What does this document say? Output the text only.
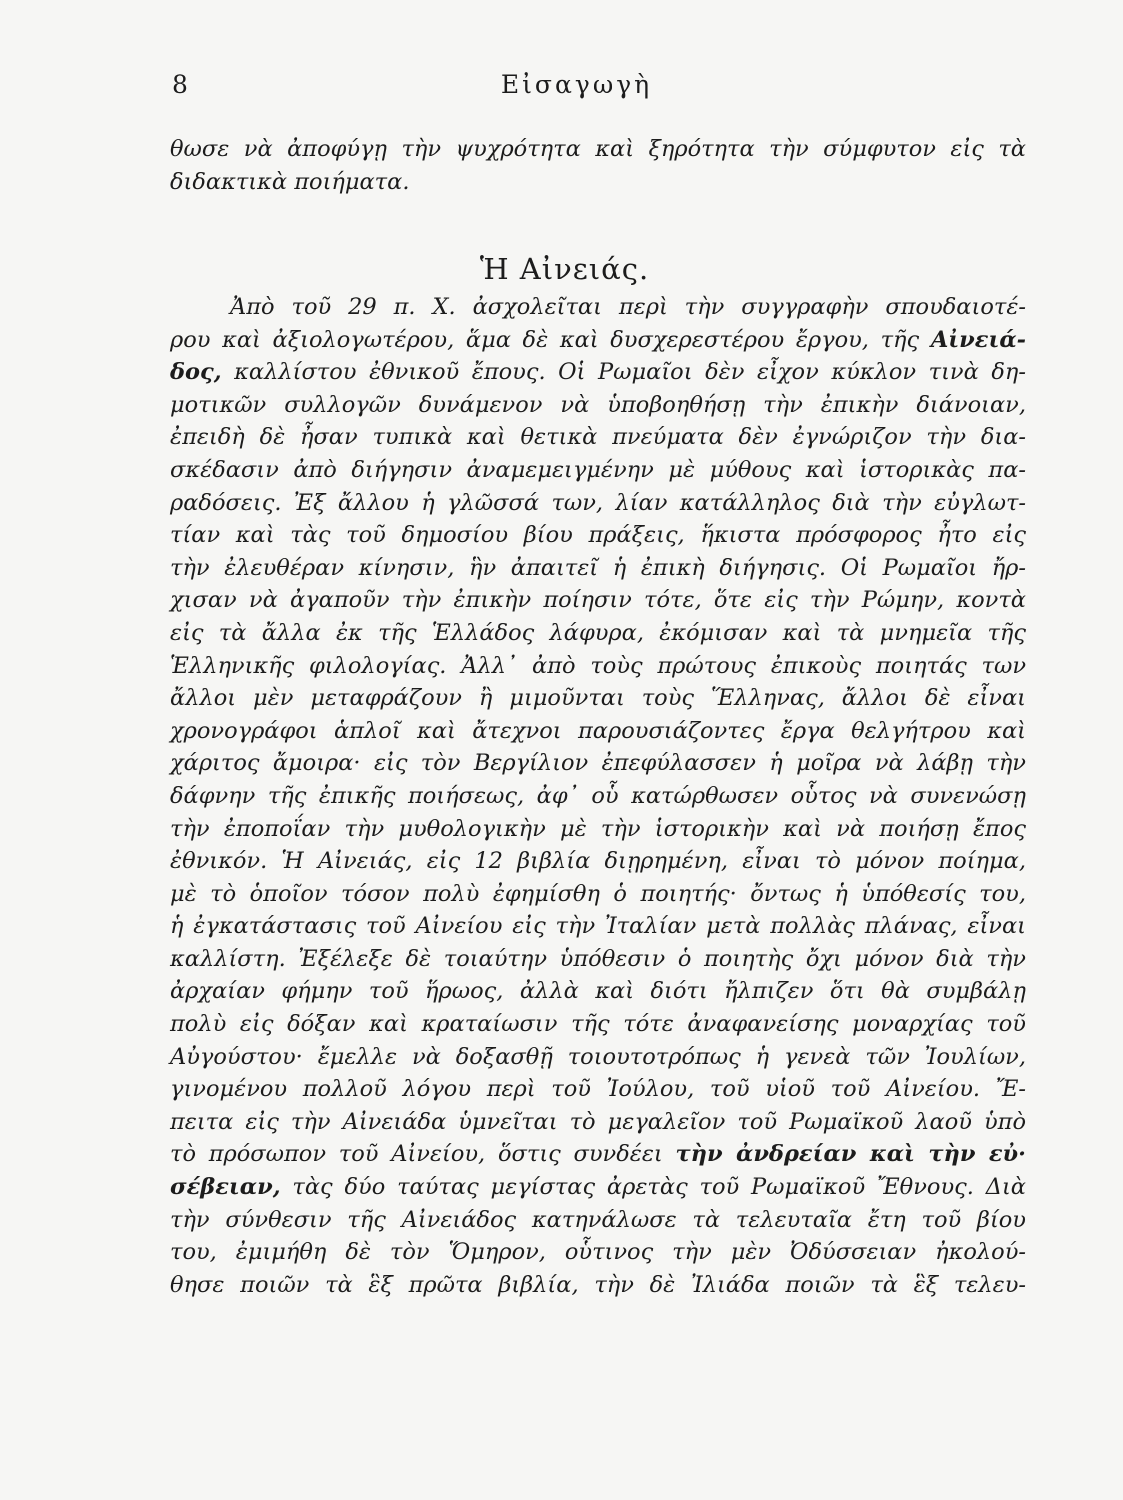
8	Εἰσαγωγὴ
θωσε νὰ ἀποφύγῃ τὴν ψυχρότητα καὶ ξηρότητα τὴν σύμφυτον εἰς τὰ
διδακτικὰ ποιήματα.
Ἡ Αἰνειάς.
Ἀπὸ τοῦ 29 π. Χ. ἀσχολεῖται περὶ τὴν συγγραφὴν σπουδαιοτέ-
ρου καὶ ἀξιολογωτέρου, ἅμα δὲ καὶ δυσχερεστέρου ἔργου, τῆς Αἰνειά-
δος, καλλίστου ἐθνικοῦ ἔπους. Οἱ Ρωμαῖοι δὲν εἶχον κύκλον τινὰ δη-
μοτικῶν συλλογῶν δυνάμενον νὰ ὑποβοηθήσῃ τὴν ἐπικὴν διάνοιαν,
ἐπειδὴ δὲ ἦσαν τυπικὰ καὶ θετικὰ πνεύματα δὲν ἐγνώριζον τὴν δια-
σκέδασιν ἀπὸ διήγησιν ἀναμεμειγμένην μὲ μύθους καὶ ἱστορικὰς πα-
ραδόσεις. Ἐξ ἄλλου ἡ γλῶσσά των, λίαν κατάλληλος διὰ τὴν εὐγλωτ-
τίαν καὶ τὰς τοῦ δημοσίου βίου πράξεις, ἥκιστα πρόσφορος ἦτο εἰς
τὴν ἐλευθέραν κίνησιν, ἣν ἀπαιτεῖ ἡ ἐπικὴ διήγησις. Οἱ Ρωμαῖοι ἤρ-
χισαν νὰ ἀγαποῦν τὴν ἐπικὴν ποίησιν τότε, ὅτε εἰς τὴν Ρώμην, κοντὰ
εἰς τὰ ἄλλα ἐκ τῆς Ἑλλάδος λάφυρα, ἐκόμισαν καὶ τὰ μνημεῖα τῆς
Ἑλληνικῆς φιλολογίας. Ἀλλ᾽ ἀπὸ τοὺς πρώτους ἐπικοὺς ποιητάς των
ἄλλοι μὲν μεταφράζουν ἢ μιμοῦνται τοὺς Ἕλληνας, ἄλλοι δὲ εἶναι
χρονογράφοι ἁπλοῖ καὶ ἄτεχνοι παρουσιάζοντες ἔργα θελγήτρου καὶ
χάριτος ἄμοιρα· εἰς τὸν Βεργίλιον ἐπεφύλασσεν ἡ μοῖρα νὰ λάβῃ τὴν
δάφνην τῆς ἐπικῆς ποιήσεως, ἀφ᾽ οὗ κατώρθωσεν οὗτος νὰ συνενώσῃ
τὴν ἐποποΐαν τὴν μυθολογικὴν μὲ τὴν ἱστορικὴν καὶ νὰ ποιήσῃ ἔπος
ἐθνικόν. Ἡ Αἰνειάς, εἰς 12 βιβλία διῃρημένη, εἶναι τὸ μόνον ποίημα,
μὲ τὸ ὁποῖον τόσον πολὺ ἐφημίσθη ὁ ποιητής· ὄντως ἡ ὑπόθεσίς του,
ἡ ἐγκατάστασις τοῦ Αἰνείου εἰς τὴν Ἰταλίαν μετὰ πολλὰς πλάνας, εἶναι
καλλίστη. Ἐξέλεξε δὲ τοιαύτην ὑπόθεσιν ὁ ποιητὴς ὄχι μόνον διὰ τὴν
ἀρχαίαν φήμην τοῦ ἥρωος, ἀλλὰ καὶ διότι ἤλπιζεν ὅτι θὰ συμβάλῃ
πολὺ εἰς δόξαν καὶ κραταίωσιν τῆς τότε ἀναφανείσης μοναρχίας τοῦ
Αὐγούστου· ἔμελλε νὰ δοξασθῇ τοιουτοτρόπως ἡ γενεὰ τῶν Ἰουλίων,
γινομένου πολλοῦ λόγου περὶ τοῦ Ἰούλου, τοῦ υἱοῦ τοῦ Αἰνείου. Ἔ-
πειτα εἰς τὴν Αἰνειάδα ὑμνεῖται τὸ μεγαλεῖον τοῦ Ρωμαϊκοῦ λαοῦ ὑπὸ
τὸ πρόσωπον τοῦ Αἰνείου, ὅστις συνδέει τὴν ἀνδρείαν καὶ τὴν εὐ·
σέβειαν, τὰς δύο ταύτας μεγίστας ἀρετὰς τοῦ Ρωμαϊκοῦ Ἔθνους. Διὰ
τὴν σύνθεσιν τῆς Αἰνειάδος κατηνάλωσε τὰ τελευταῖα ἔτη τοῦ βίου
του, ἐμιμήθη δὲ τὸν Ὅμηρον, οὗτινος τὴν μὲν Ὀδύσσειαν ἠκολού-
θησε ποιῶν τὰ ἓξ πρῶτα βιβλία, τὴν δὲ Ἰλιάδα ποιῶν τὰ ἓξ τελευ-
